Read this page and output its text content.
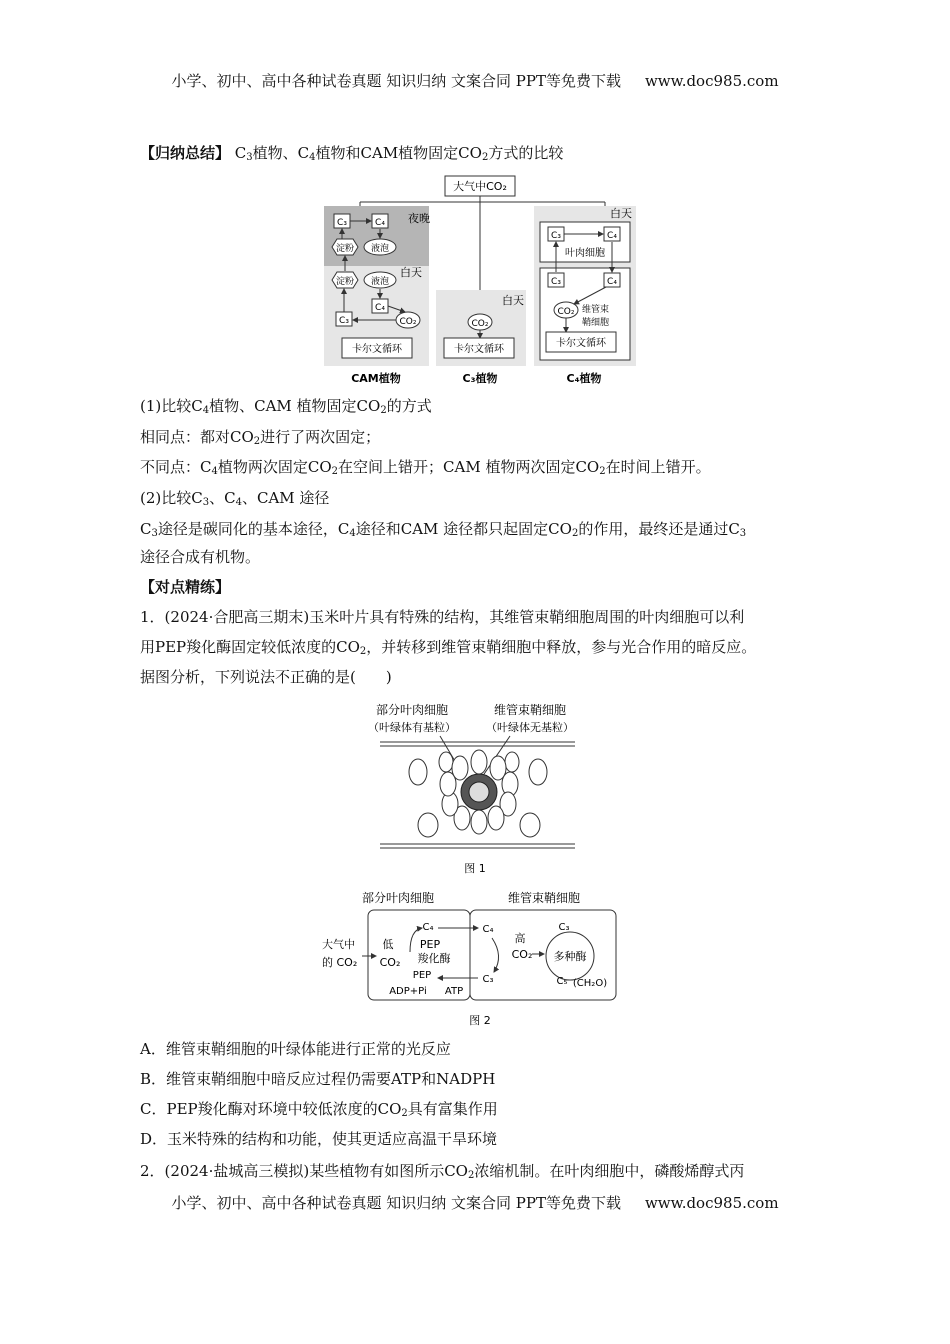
小学、初中、高中各种试卷真题 知识归纳 文案合同 PPT等免费下载 www.doc985.com
【归纳总结】 $C_3$植物、$C_4$植物和CAM植物固定$CO_2$方式的比较
大气中CO₂
夜晚
白天
C₃	C₄
淀粉 液泡
淀粉 液泡
C₄
C₃	CO₂
卡尔文循环
白天
CO₂
卡尔文循环
白天
C₃	C₄
叶肉细胞
C₃	C₄
CO₂ 维管束
鞘细胞
卡尔文循环
CAM植物	C₃植物	C₄植物
(1)比较$C_4$植物、CAM 植物固定$CO_2$的方式
相同点：都对$CO_2$进行了两次固定；
不同点：$C_4$植物两次固定$CO_2$在空间上错开；CAM 植物两次固定$CO_2$在时间上错开。
(2)比较$C_3$、$C_4$、CAM 途径
$C_3$途径是碳同化的基本途径，$C_4$途径和CAM 途径都只起固定$CO_2$的作用，最终还是通过$C_3$
途径合成有机物。
【对点精练】
1．(2024·合肥高三期末)玉米叶片具有特殊的结构，其维管束鞘细胞周围的叶肉细胞可以利
用PEP羧化酶固定较低浓度的$CO_2$，并转移到维管束鞘细胞中释放，参与光合作用的暗反应。
据图分析，下列说法不正确的是(　　)
部分叶肉细胞
（叶绿体有基粒）
维管束鞘细胞
（叶绿体无基粒）
图 1
部分叶肉细胞	维管束鞘细胞
大气中
的 CO₂
低
CO₂
C₄
PEP
羧化酶
PEP
ADP+Pi ATP
C₄
C₃
高
CO₂
C₃
多种酶
C₅ (CH₂O)
图 2
A．维管束鞘细胞的叶绿体能进行正常的光反应
B．维管束鞘细胞中暗反应过程仍需要ATP和NADPH
C．PEP羧化酶对环境中较低浓度的$CO_2$具有富集作用
D．玉米特殊的结构和功能，使其更适应高温干旱环境
2．(2024·盐城高三模拟)某些植物有如图所示$CO_2$浓缩机制。在叶肉细胞中，磷酸烯醇式丙
小学、初中、高中各种试卷真题 知识归纳 文案合同 PPT等免费下载 www.doc985.com
